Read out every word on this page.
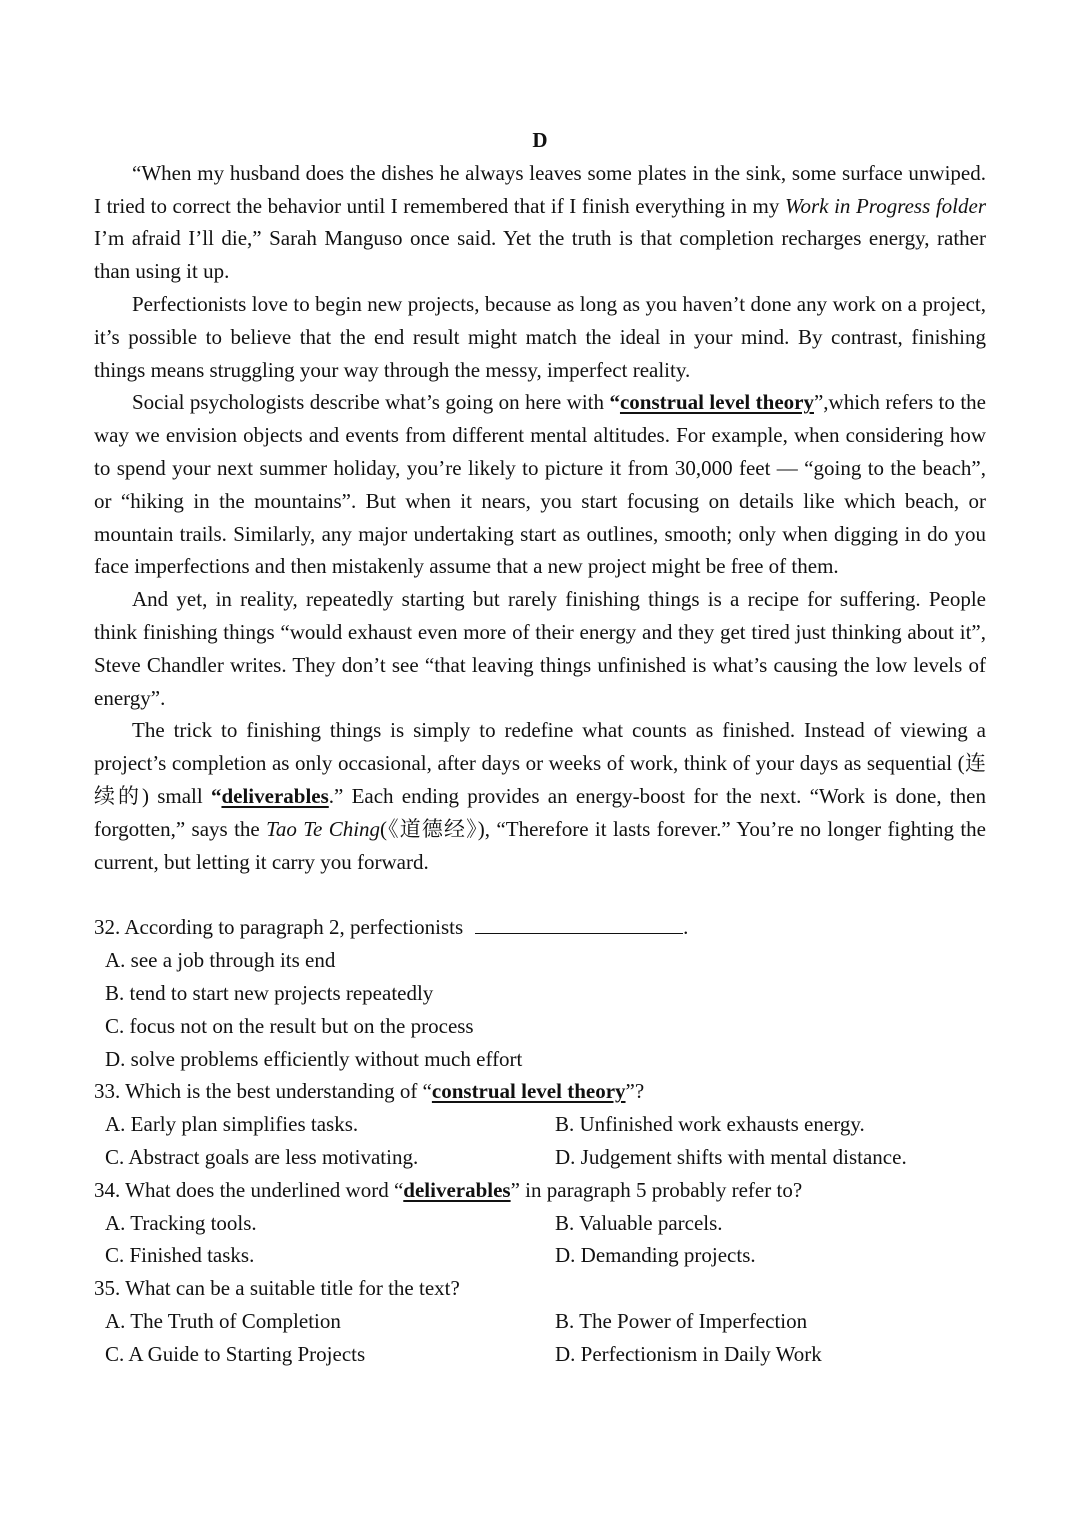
D

“When my husband does the dishes he always leaves some plates in the sink, some surface unwiped. I tried to correct the behavior until I remembered that if I finish everything in my Work in Progress folder I’m afraid I’ll die,” Sarah Manguso once said. Yet the truth is that completion recharges energy, rather than using it up.

Perfectionists love to begin new projects, because as long as you haven’t done any work on a project, it’s possible to believe that the end result might match the ideal in your mind. By contrast, finishing things means struggling your way through the messy, imperfect reality.

Social psychologists describe what’s going on here with “construal level theory”,which refers to the way we envision objects and events from different mental altitudes. For example, when considering how to spend your next summer holiday, you’re likely to picture it from 30,000 feet — “going to the beach”, or “hiking in the mountains”. But when it nears, you start focusing on details like which beach, or mountain trails. Similarly, any major undertaking start as outlines, smooth; only when digging in do you face imperfections and then mistakenly assume that a new project might be free of them.

And yet, in reality, repeatedly starting but rarely finishing things is a recipe for suffering. People think finishing things “would exhaust even more of their energy and they get tired just thinking about it”, Steve Chandler writes. They don’t see “that leaving things unfinished is what’s causing the low levels of energy”.

The trick to finishing things is simply to redefine what counts as finished. Instead of viewing a project’s completion as only occasional, after days or weeks of work, think of your days as sequential (连续的) small “deliverables.” Each ending provides an energy-boost for the next. “Work is done, then forgotten,” says the Tao Te Ching(《道德经》), “Therefore it lasts forever.” You’re no longer fighting the current, but letting it carry you forward.

32. According to paragraph 2, perfectionists	.

A. see a job through its end
B. tend to start new projects repeatedly
C. focus not on the result but on the process
D. solve problems efficiently without much effort

33. Which is the best understanding of “construal level theory”?

A. Early plan simplifies tasks.	B. Unfinished work exhausts energy.
C. Abstract goals are less motivating.	D. Judgement shifts with mental distance.

34. What does the underlined word “deliverables” in paragraph 5 probably refer to?

A. Tracking tools.	B. Valuable parcels.
C. Finished tasks.	D. Demanding projects.

35. What can be a suitable title for the text?

A. The Truth of Completion	B. The Power of Imperfection
C. A Guide to Starting Projects	D. Perfectionism in Daily Work
